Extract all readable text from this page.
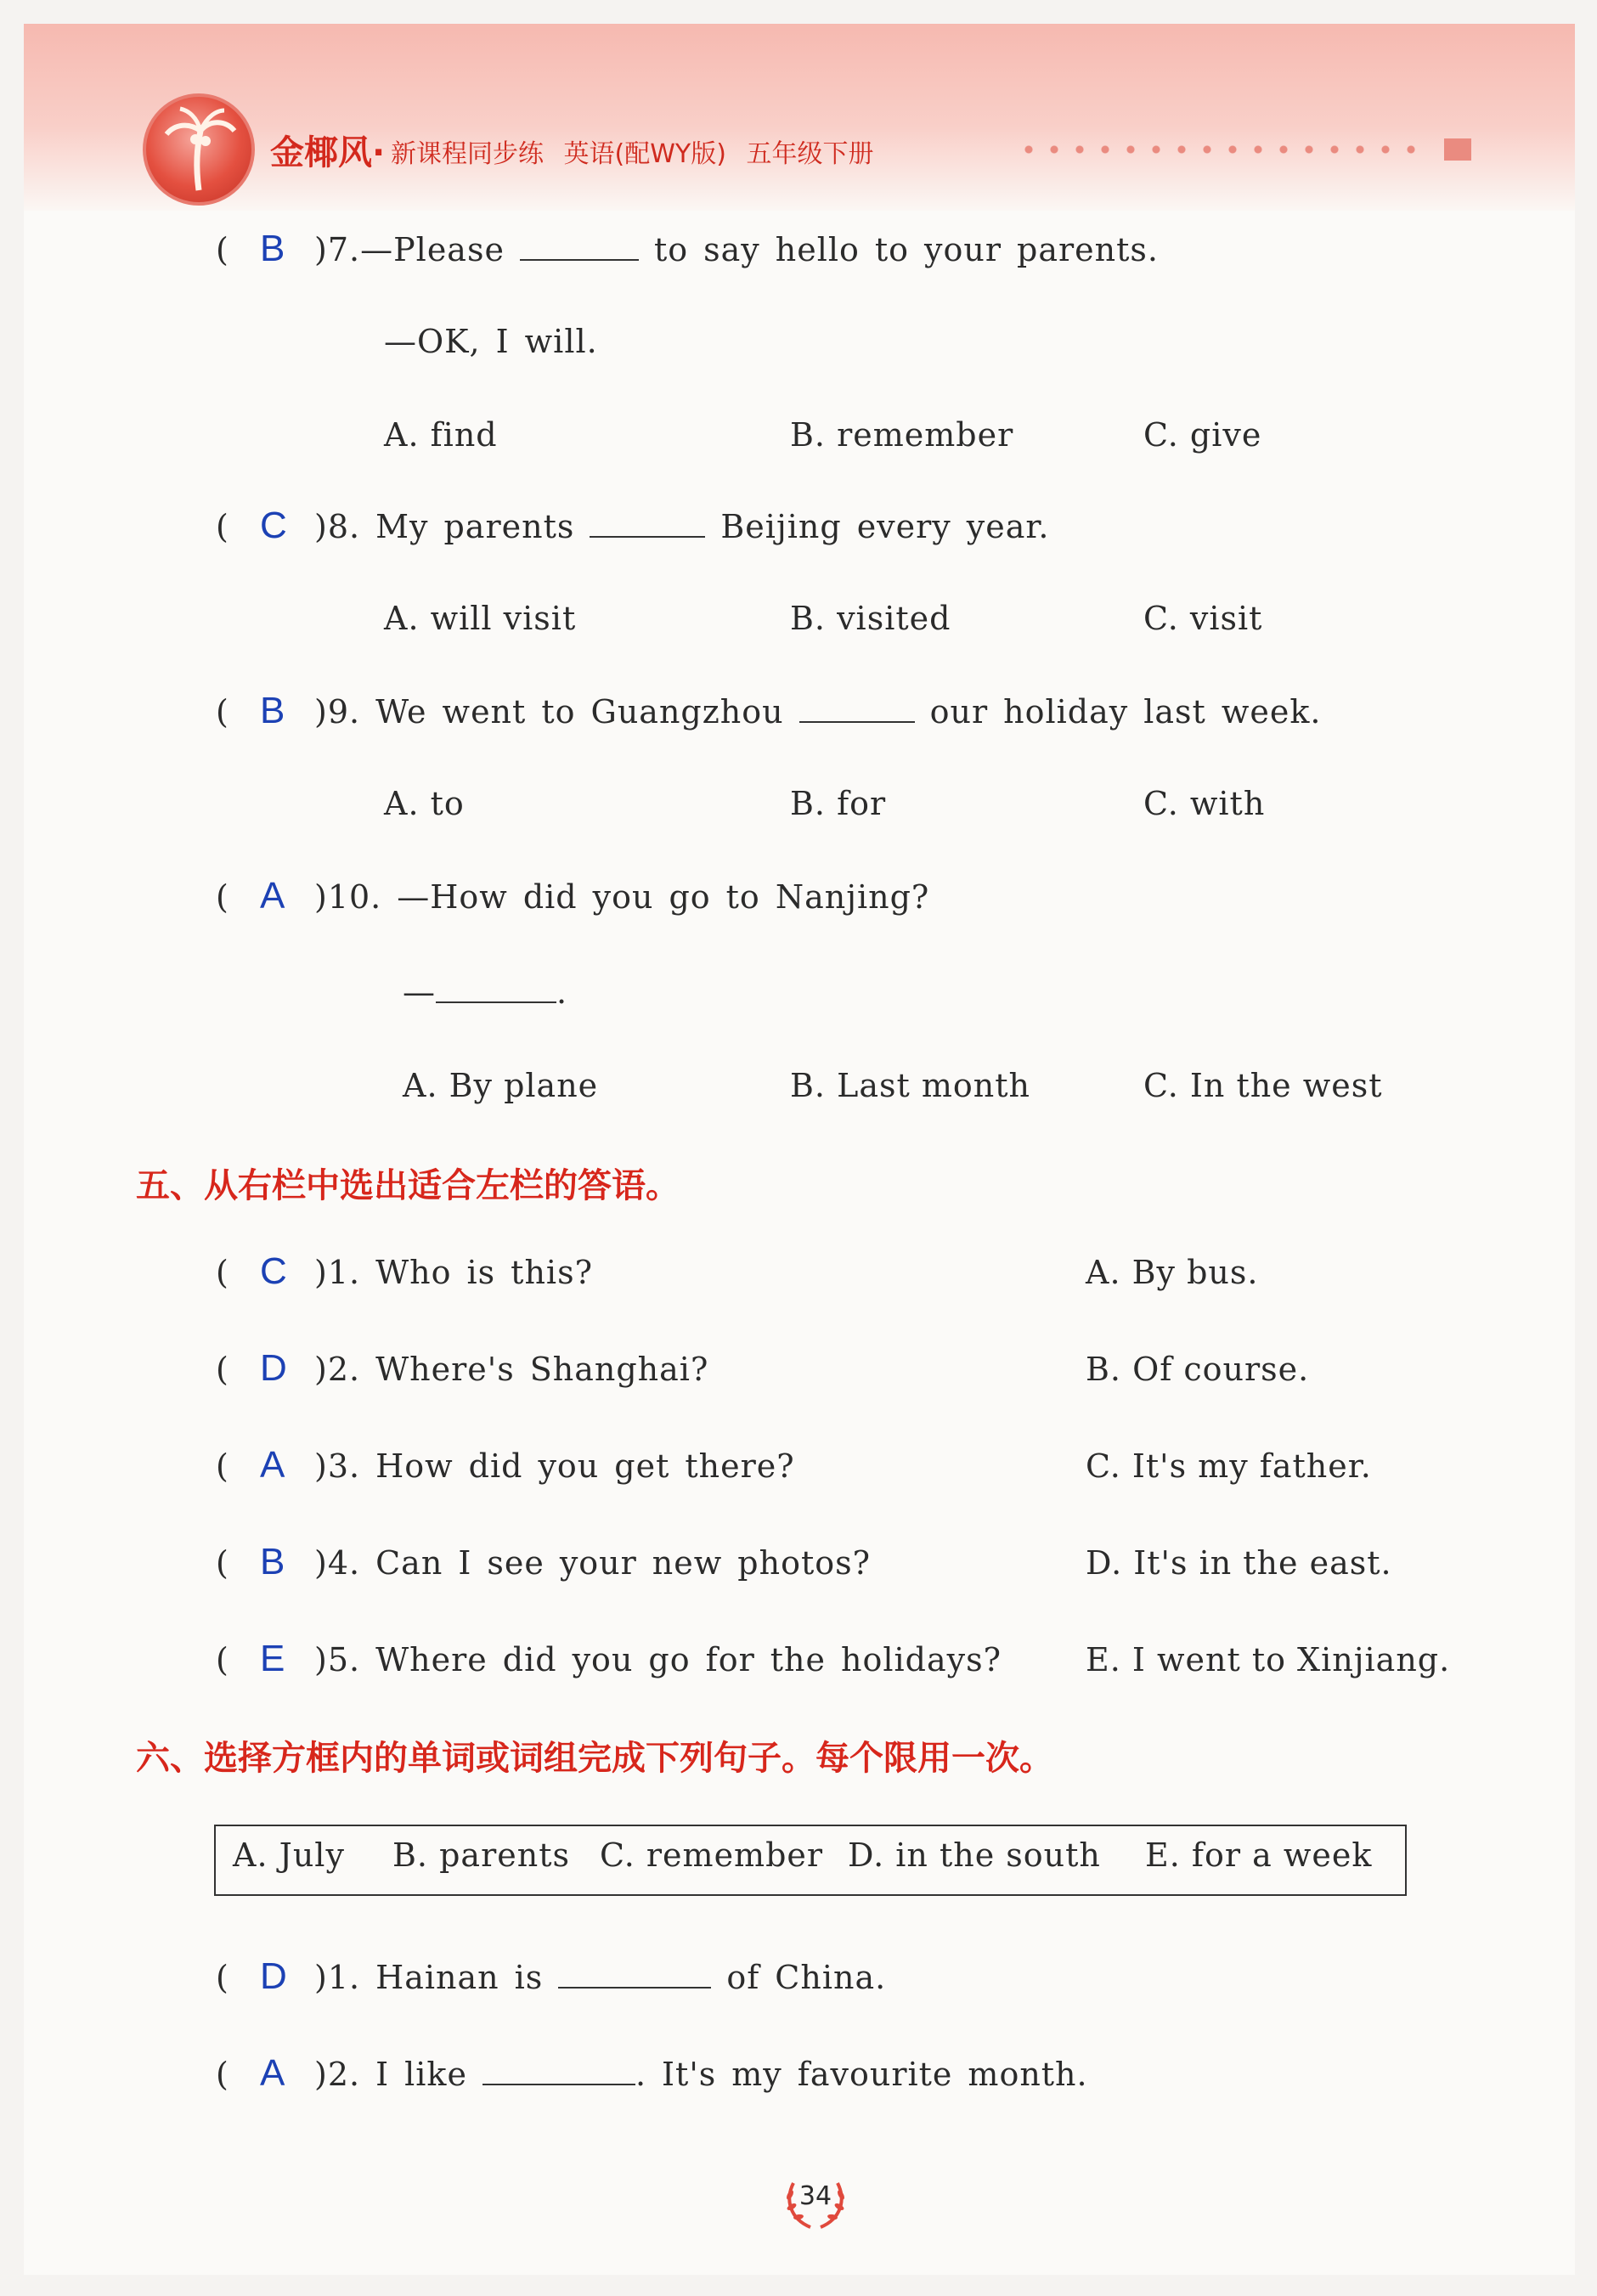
金椰风· 新课程同步练 英语(配WY版) 五年级下册
( B )7.—Please	to say hello to your parents.
—OK, I will.
A. find	B. remember	C. give
( C )8. My parents	Beijing every year.
A. will visit	B. visited	C. visit
( B )9. We went to Guangzhou	our holiday last week.
A. to	B. for	C. with
( A )10. —How did you go to Nanjing?
—	.
A. By plane	B. Last month	C. In the west
五、从右栏中选出适合左栏的答语。
( C )1. Who is this?	A. By bus.
( D )2. Where's Shanghai?	B. Of course.
( A )3. How did you get there?	C. It's my father.
( B )4. Can I see your new photos?	D. It's in the east.
( E )5. Where did you go for the holidays?	E. I went to Xinjiang.
六、选择方框内的单词或词组完成下列句子。每个限用一次。
A. July B. parents C. remember D. in the south E. for a week
( D )1. Hainan is	of China.
( A )2. I like	. It's my favourite month.
34
